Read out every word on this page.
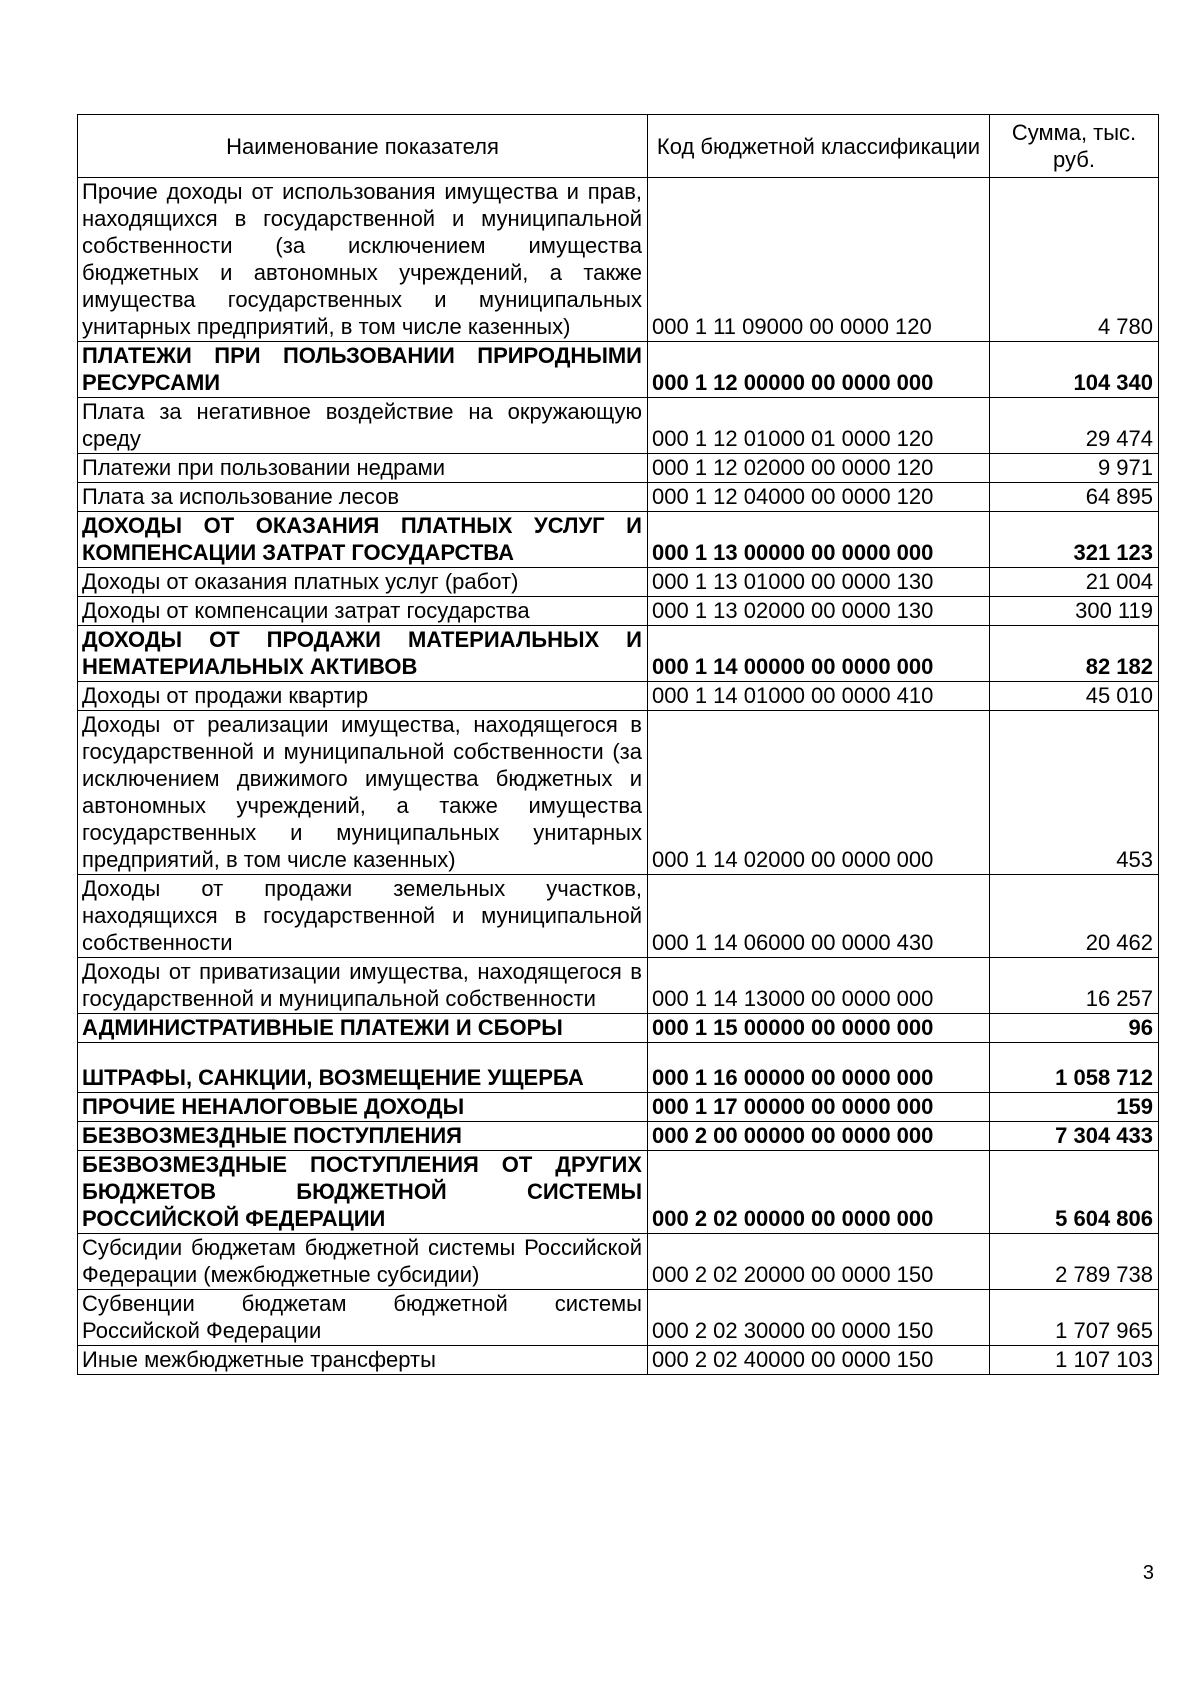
Наименование показателя	Код бюджетной классификации	Сумма, тыс. руб.
Прочие доходы от использования имущества и прав, находящихся в государственной и муниципальной собственности (за исключением имущества бюджетных и автономных учреждений, а также имущества государственных и муниципальных унитарных предприятий, в том числе казенных)	000 1 11 09000 00 0000 120	4 780
ПЛАТЕЖИ ПРИ ПОЛЬЗОВАНИИ ПРИРОДНЫМИ РЕСУРСАМИ	000 1 12 00000 00 0000 000	104 340
Плата за негативное воздействие на окружающую среду	000 1 12 01000 01 0000 120	29 474
Платежи при пользовании недрами	000 1 12 02000 00 0000 120	9 971
Плата за использование лесов	000 1 12 04000 00 0000 120	64 895
ДОХОДЫ ОТ ОКАЗАНИЯ ПЛАТНЫХ УСЛУГ И КОМПЕНСАЦИИ ЗАТРАТ ГОСУДАРСТВА	000 1 13 00000 00 0000 000	321 123
Доходы от оказания платных услуг (работ)	000 1 13 01000 00 0000 130	21 004
Доходы от компенсации затрат государства	000 1 13 02000 00 0000 130	300 119
ДОХОДЫ ОТ ПРОДАЖИ МАТЕРИАЛЬНЫХ И НЕМАТЕРИАЛЬНЫХ АКТИВОВ	000 1 14 00000 00 0000 000	82 182
Доходы от продажи квартир	000 1 14 01000 00 0000 410	45 010
Доходы от реализации имущества, находящегося в государственной и муниципальной собственности (за исключением движимого имущества бюджетных и автономных учреждений, а также имущества государственных и муниципальных унитарных предприятий, в том числе казенных)	000 1 14 02000 00 0000 000	453
Доходы от продажи земельных участков, находящихся в государственной и муниципальной собственности	000 1 14 06000 00 0000 430	20 462
Доходы от приватизации имущества, находящегося в государственной и муниципальной собственности	000 1 14 13000 00 0000 000	16 257
АДМИНИСТРАТИВНЫЕ ПЛАТЕЖИ И СБОРЫ	000 1 15 00000 00 0000 000	96
ШТРАФЫ, САНКЦИИ, ВОЗМЕЩЕНИЕ УЩЕРБА	000 1 16 00000 00 0000 000	1 058 712
ПРОЧИЕ НЕНАЛОГОВЫЕ ДОХОДЫ	000 1 17 00000 00 0000 000	159
БЕЗВОЗМЕЗДНЫЕ ПОСТУПЛЕНИЯ	000 2 00 00000 00 0000 000	7 304 433
БЕЗВОЗМЕЗДНЫЕ ПОСТУПЛЕНИЯ ОТ ДРУГИХ БЮДЖЕТОВ БЮДЖЕТНОЙ СИСТЕМЫ РОССИЙСКОЙ ФЕДЕРАЦИИ	000 2 02 00000 00 0000 000	5 604 806
Субсидии бюджетам бюджетной системы Российской Федерации (межбюджетные субсидии)	000 2 02 20000 00 0000 150	2 789 738
Субвенции бюджетам бюджетной системы Российской Федерации	000 2 02 30000 00 0000 150	1 707 965
Иные межбюджетные трансферты	000 2 02 40000 00 0000 150	1 107 103
3
